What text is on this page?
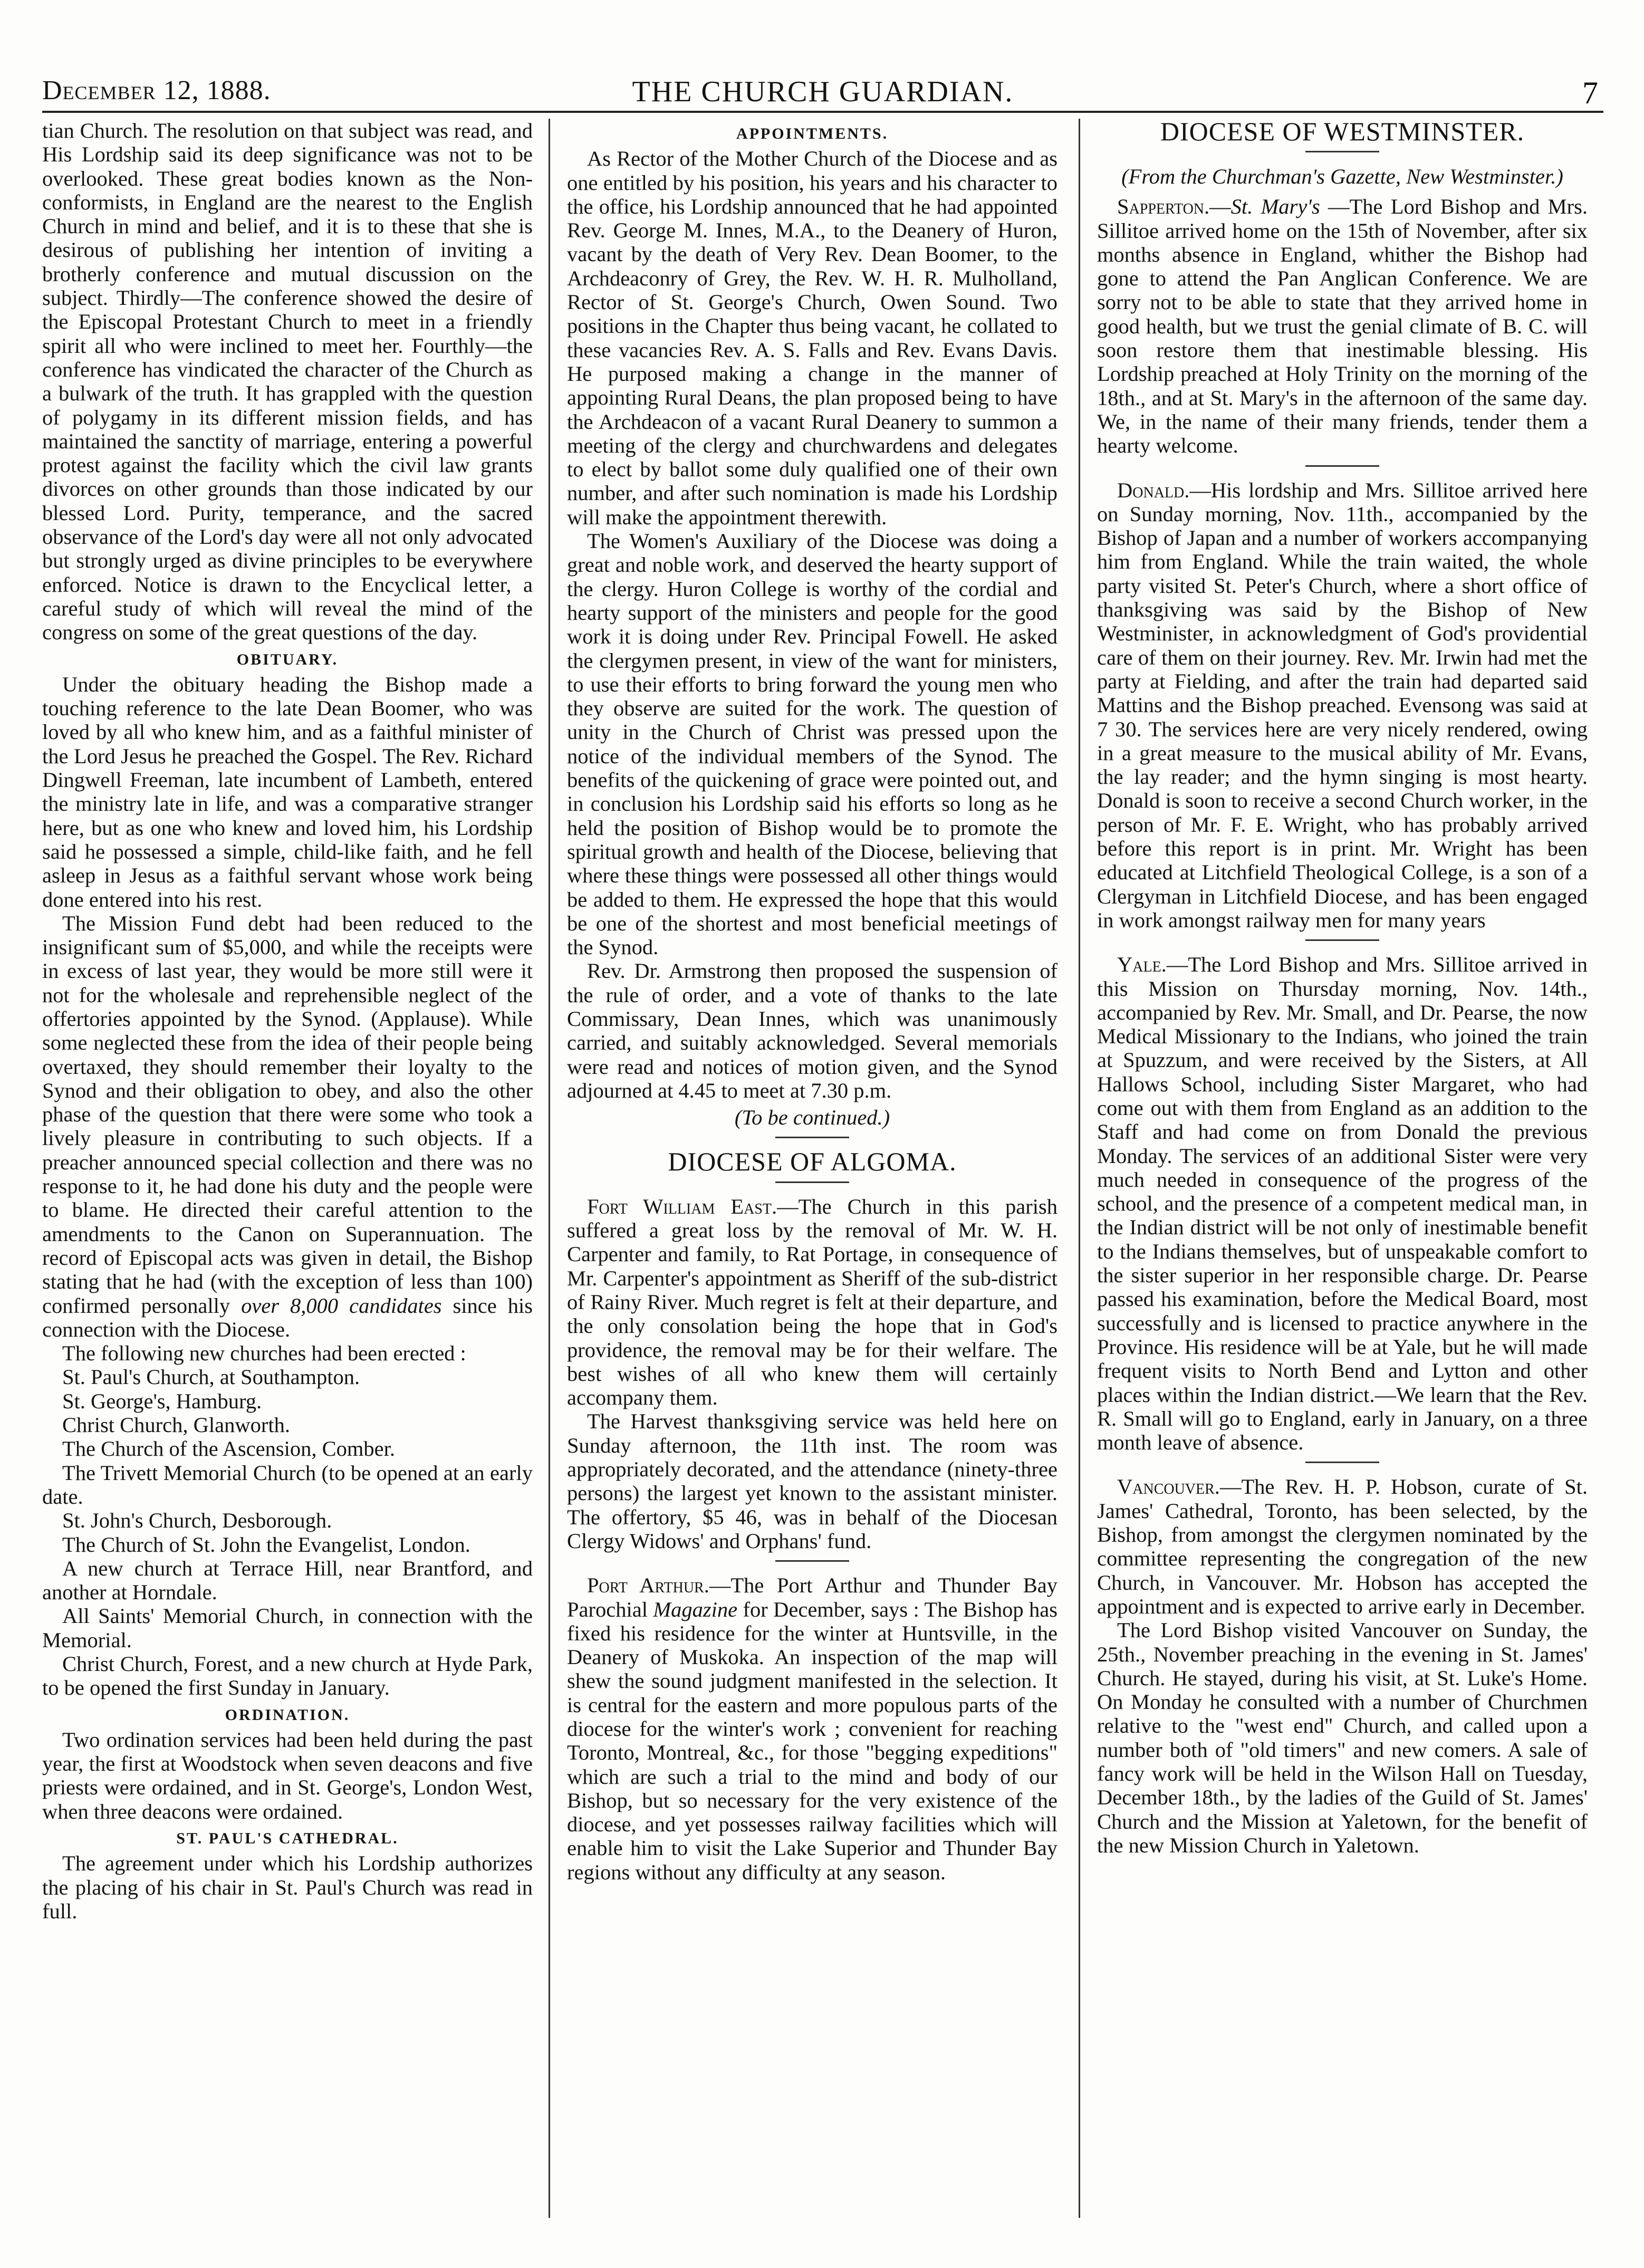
December 12, 1888.	THE CHURCH GUARDIAN.	7

tian Church. The resolution on that subject was read, and His Lordship said its deep significance was not to be overlooked. These great bodies known as the Non-conformists, in England are the nearest to the English Church in mind and belief, and it is to these that she is desirous of publishing her intention of inviting a brotherly conference and mutual discussion on the subject. Thirdly—The conference showed the desire of the Episcopal Protestant Church to meet in a friendly spirit all who were inclined to meet her. Fourthly—the conference has vindicated the character of the Church as a bulwark of the truth. It has grappled with the question of polygamy in its different mission fields, and has maintained the sanctity of marriage, entering a powerful protest against the facility which the civil law grants divorces on other grounds than those indicated by our blessed Lord. Purity, temperance, and the sacred observance of the Lord's day were all not only advocated but strongly urged as divine principles to be everywhere enforced. Notice is drawn to the Encyclical letter, a careful study of which will reveal the mind of the congress on some of the great questions of the day.

OBITUARY.

Under the obituary heading the Bishop made a touching reference to the late Dean Boomer, who was loved by all who knew him, and as a faithful minister of the Lord Jesus he preached the Gospel. The Rev. Richard Dingwell Freeman, late incumbent of Lambeth, entered the ministry late in life, and was a comparative stranger here, but as one who knew and loved him, his Lordship said he possessed a simple, child-like faith, and he fell asleep in Jesus as a faithful servant whose work being done entered into his rest.

The Mission Fund debt had been reduced to the insignificant sum of $5,000, and while the receipts were in excess of last year, they would be more still were it not for the wholesale and reprehensible neglect of the offertories appointed by the Synod. (Applause). While some neglected these from the idea of their people being overtaxed, they should remember their loyalty to the Synod and their obligation to obey, and also the other phase of the question that there were some who took a lively pleasure in contributing to such objects. If a preacher announced special collection and there was no response to it, he had done his duty and the people were to blame. He directed their careful attention to the amendments to the Canon on Superannuation. The record of Episcopal acts was given in detail, the Bishop stating that he had (with the exception of less than 100) confirmed personally over 8,000 candidates since his connection with the Diocese.

The following new churches had been erected :

St. Paul's Church, at Southampton.

St. George's, Hamburg.

Christ Church, Glanworth.

The Church of the Ascension, Comber.

The Trivett Memorial Church (to be opened at an early date.

St. John's Church, Desborough.

The Church of St. John the Evangelist, London.

A new church at Terrace Hill, near Brantford, and another at Horndale.

All Saints' Memorial Church, in connection with the Memorial.

Christ Church, Forest, and a new church at Hyde Park, to be opened the first Sunday in January.

ORDINATION.

Two ordination services had been held during the past year, the first at Woodstock when seven deacons and five priests were ordained, and in St. George's, London West, when three deacons were ordained.

ST. PAUL'S CATHEDRAL.

The agreement under which his Lordship authorizes the placing of his chair in St. Paul's Church was read in full.

APPOINTMENTS.

As Rector of the Mother Church of the Diocese and as one entitled by his position, his years and his character to the office, his Lordship announced that he had appointed Rev. George M. Innes, M.A., to the Deanery of Huron, vacant by the death of Very Rev. Dean Boomer, to the Archdeaconry of Grey, the Rev. W. H. R. Mulholland, Rector of St. George's Church, Owen Sound. Two positions in the Chapter thus being vacant, he collated to these vacancies Rev. A. S. Falls and Rev. Evans Davis. He purposed making a change in the manner of appointing Rural Deans, the plan proposed being to have the Archdeacon of a vacant Rural Deanery to summon a meeting of the clergy and churchwardens and delegates to elect by ballot some duly qualified one of their own number, and after such nomination is made his Lordship will make the appointment therewith.

The Women's Auxiliary of the Diocese was doing a great and noble work, and deserved the hearty support of the clergy. Huron College is worthy of the cordial and hearty support of the ministers and people for the good work it is doing under Rev. Principal Fowell. He asked the clergymen present, in view of the want for ministers, to use their efforts to bring forward the young men who they observe are suited for the work. The question of unity in the Church of Christ was pressed upon the notice of the individual members of the Synod. The benefits of the quickening of grace were pointed out, and in conclusion his Lordship said his efforts so long as he held the position of Bishop would be to promote the spiritual growth and health of the Diocese, believing that where these things were possessed all other things would be added to them. He expressed the hope that this would be one of the shortest and most beneficial meetings of the Synod.

Rev. Dr. Armstrong then proposed the suspension of the rule of order, and a vote of thanks to the late Commissary, Dean Innes, which was unanimously carried, and suitably acknowledged. Several memorials were read and notices of motion given, and the Synod adjourned at 4.45 to meet at 7.30 p.m.

(To be continued.)
DIOCESE OF ALGOMA.

Fort William East.—The Church in this parish suffered a great loss by the removal of Mr. W. H. Carpenter and family, to Rat Portage, in consequence of Mr. Carpenter's appointment as Sheriff of the sub-district of Rainy River. Much regret is felt at their departure, and the only consolation being the hope that in God's providence, the removal may be for their welfare. The best wishes of all who knew them will certainly accompany them.

The Harvest thanksgiving service was held here on Sunday afternoon, the 11th inst. The room was appropriately decorated, and the attendance (ninety-three persons) the largest yet known to the assistant minister. The offertory, $5 46, was in behalf of the Diocesan Clergy Widows' and Orphans' fund.

Port Arthur.—The Port Arthur and Thunder Bay Parochial Magazine for December, says : The Bishop has fixed his residence for the winter at Huntsville, in the Deanery of Muskoka. An inspection of the map will shew the sound judgment manifested in the selection. It is central for the eastern and more populous parts of the diocese for the winter's work ; convenient for reaching Toronto, Montreal, &c., for those "begging expeditions" which are such a trial to the mind and body of our Bishop, but so necessary for the very existence of the diocese, and yet possesses railway facilities which will enable him to visit the Lake Superior and Thunder Bay regions without any difficulty at any season.

DIOCESE OF WESTMINSTER.
(From the Churchman's Gazette, New Westminster.)

Sapperton.—St. Mary's —The Lord Bishop and Mrs. Sillitoe arrived home on the 15th of November, after six months absence in England, whither the Bishop had gone to attend the Pan Anglican Conference. We are sorry not to be able to state that they arrived home in good health, but we trust the genial climate of B. C. will soon restore them that inestimable blessing. His Lordship preached at Holy Trinity on the morning of the 18th., and at St. Mary's in the afternoon of the same day. We, in the name of their many friends, tender them a hearty welcome.

Donald.—His lordship and Mrs. Sillitoe arrived here on Sunday morning, Nov. 11th., accompanied by the Bishop of Japan and a number of workers accompanying him from England. While the train waited, the whole party visited St. Peter's Church, where a short office of thanksgiving was said by the Bishop of New Westminister, in acknowledgment of God's providential care of them on their journey. Rev. Mr. Irwin had met the party at Fielding, and after the train had departed said Mattins and the Bishop preached. Evensong was said at 7 30. The services here are very nicely rendered, owing in a great measure to the musical ability of Mr. Evans, the lay reader; and the hymn singing is most hearty. Donald is soon to receive a second Church worker, in the person of Mr. F. E. Wright, who has probably arrived before this report is in print. Mr. Wright has been educated at Litchfield Theological College, is a son of a Clergyman in Litchfield Diocese, and has been engaged in work amongst railway men for many years

Yale.—The Lord Bishop and Mrs. Sillitoe arrived in this Mission on Thursday morning, Nov. 14th., accompanied by Rev. Mr. Small, and Dr. Pearse, the now Medical Missionary to the Indians, who joined the train at Spuzzum, and were received by the Sisters, at All Hallows School, including Sister Margaret, who had come out with them from England as an addition to the Staff and had come on from Donald the previous Monday. The services of an additional Sister were very much needed in consequence of the progress of the school, and the presence of a competent medical man, in the Indian district will be not only of inestimable benefit to the Indians themselves, but of unspeakable comfort to the sister superior in her responsible charge. Dr. Pearse passed his examination, before the Medical Board, most successfully and is licensed to practice anywhere in the Province. His residence will be at Yale, but he will made frequent visits to North Bend and Lytton and other places within the Indian district.—We learn that the Rev. R. Small will go to England, early in January, on a three month leave of absence.

Vancouver.—The Rev. H. P. Hobson, curate of St. James' Cathedral, Toronto, has been selected, by the Bishop, from amongst the clergymen nominated by the committee representing the congregation of the new Church, in Vancouver. Mr. Hobson has accepted the appointment and is expected to arrive early in December.

The Lord Bishop visited Vancouver on Sunday, the 25th., November preaching in the evening in St. James' Church. He stayed, during his visit, at St. Luke's Home. On Monday he consulted with a number of Churchmen relative to the "west end" Church, and called upon a number both of "old timers" and new comers. A sale of fancy work will be held in the Wilson Hall on Tuesday, December 18th., by the ladies of the Guild of St. James' Church and the Mission at Yaletown, for the benefit of the new Mission Church in Yaletown.
